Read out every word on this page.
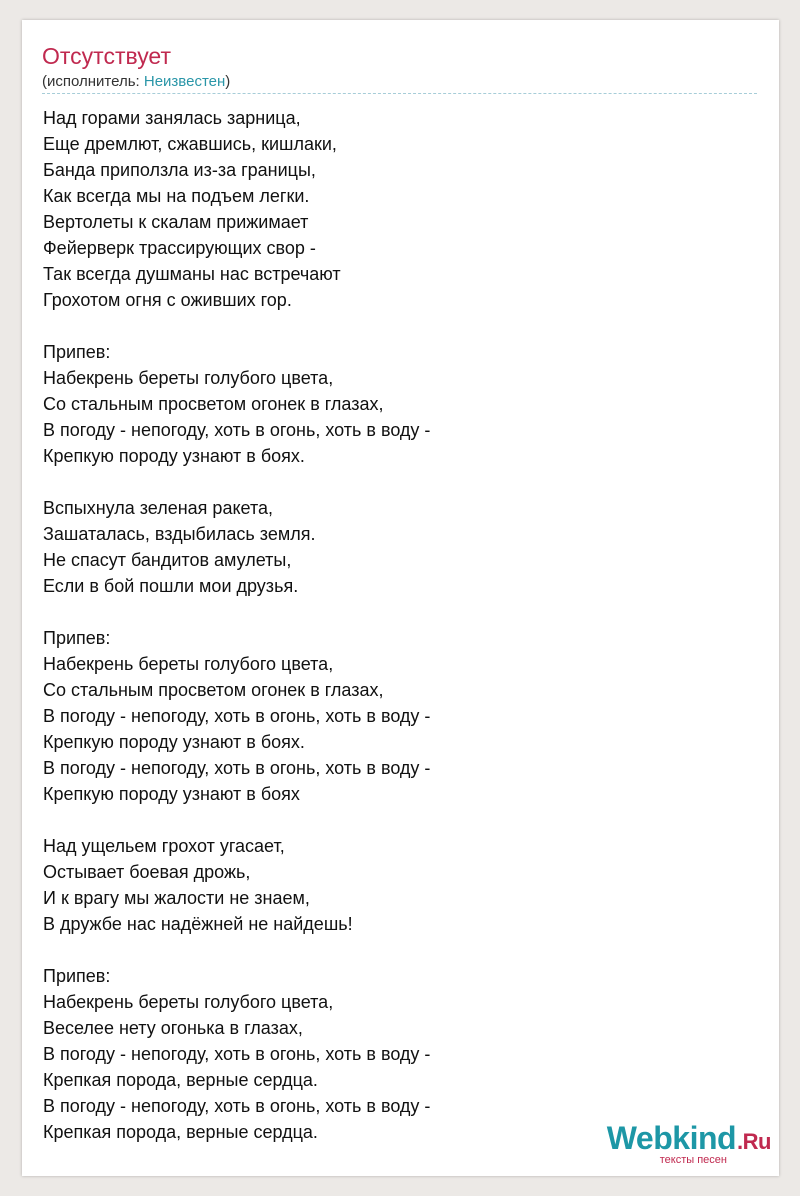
Отсутствует
(исполнитель: Неизвестен)
Над горами занялась зарница,
Еще дремлют, сжавшись, кишлаки,
Банда приползла из-за границы,
Как всегда мы на подъем легки.
Вертолеты к скалам прижимает
Фейерверк трассирующих свор -
Так всегда душманы нас встречают
Грохотом огня с оживших гор.
Припев:
Набекрень береты голубого цвета,
Со стальным просветом огонек в глазах,
В погоду - непогоду, хоть в огонь, хоть в воду -
Крепкую породу узнают в боях.
Вспыхнула зеленая ракета,
Зашаталась, вздыбилась земля.
Не спасут бандитов амулеты,
Если в бой пошли мои друзья.
Припев:
Набекрень береты голубого цвета,
Со стальным просветом огонек в глазах,
В погоду - непогоду, хоть в огонь, хоть в воду -
Крепкую породу узнают в боях.
В погоду - непогоду, хоть в огонь, хоть в воду -
Крепкую породу узнают в боях
Над ущельем грохот угасает,
Остывает боевая дрожь,
И к врагу мы жалости не знаем,
В дружбе нас надёжней не найдешь!
Припев:
Набекрень береты голубого цвета,
Веселее нету огонька в глазах,
В погоду - непогоду, хоть в огонь, хоть в воду -
Крепкая порода, верные сердца.
В погоду - непогоду, хоть в огонь, хоть в воду -
Крепкая порода, верные сердца.	Webkind.Ru
тексты песен
